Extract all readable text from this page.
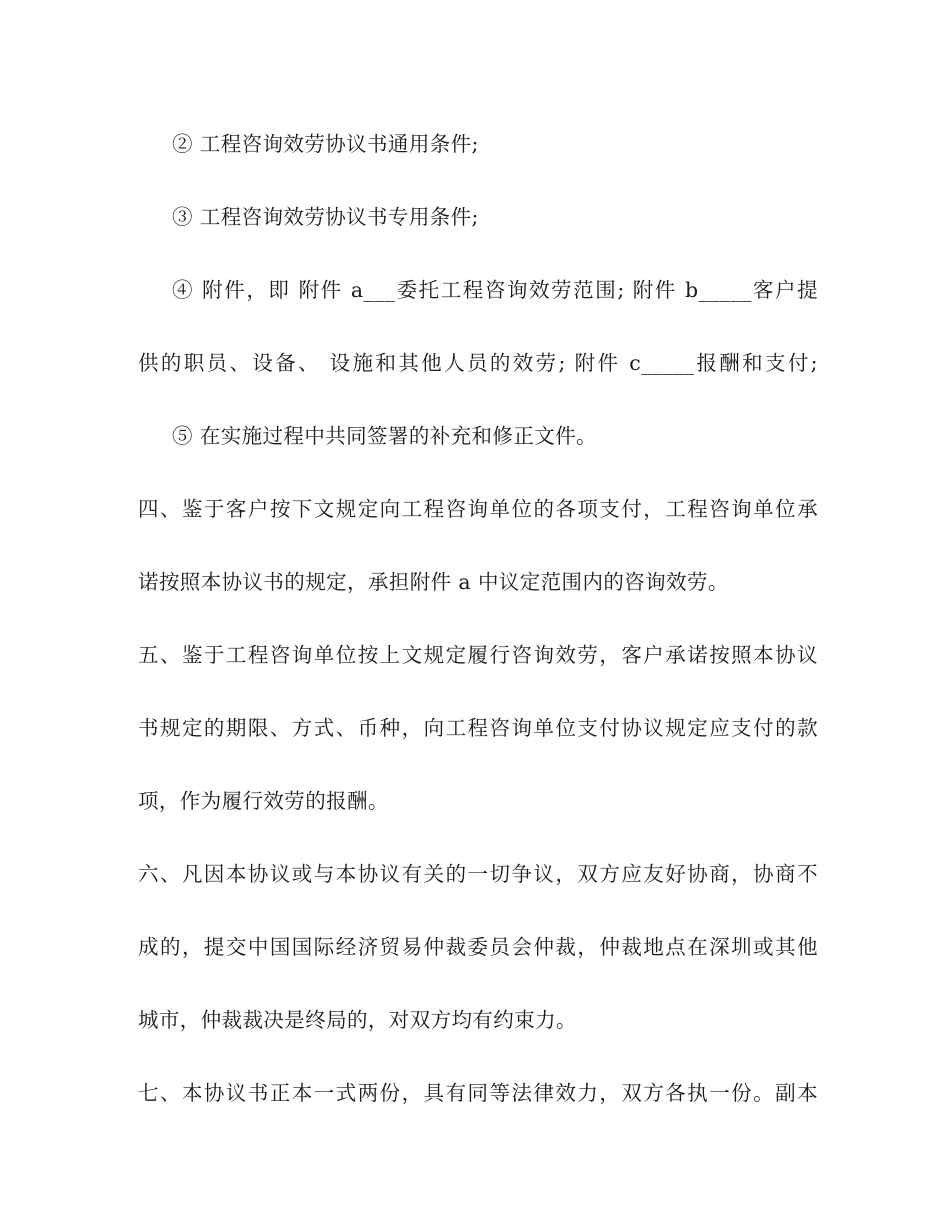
② 工程咨询效劳协议书通用条件;
③ 工程咨询效劳协议书专用条件;
④ 附件，即 附件 a___委托工程咨询效劳范围; 附件 b_____客户提
供的职员、设备、 设施和其他人员的效劳; 附件 c_____报酬和支付;
⑤ 在实施过程中共同签署的补充和修正文件。
四、鉴于客户按下文规定向工程咨询单位的各项支付，工程咨询单位承
诺按照本协议书的规定，承担附件 a 中议定范围内的咨询效劳。
五、鉴于工程咨询单位按上文规定履行咨询效劳，客户承诺按照本协议
书规定的期限、方式、币种，向工程咨询单位支付协议规定应支付的款
项，作为履行效劳的报酬。
六、凡因本协议或与本协议有关的一切争议，双方应友好协商，协商不
成的，提交中国国际经济贸易仲裁委员会仲裁，仲裁地点在深圳或其他
城市，仲裁裁决是终局的，对双方均有约束力。
七、本协议书正本一式两份，具有同等法律效力，双方各执一份。副本
